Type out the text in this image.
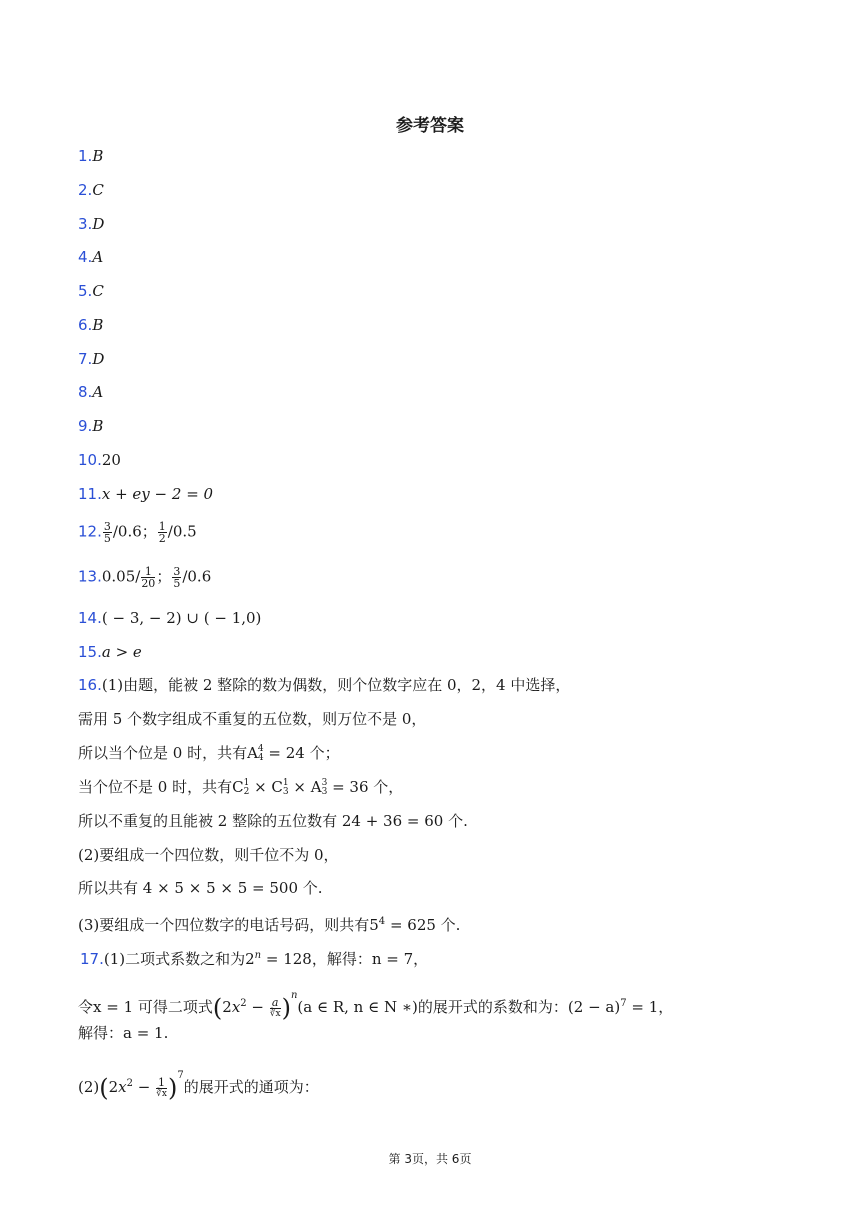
参考答案
1.B
2.C
3.D
4.A
5.C
6.B
7.D
8.A
9.B
10.20
11.x + ey − 2 = 0
12. $\frac{3}{5} /0.6$； $\frac{1}{2} /0.5$
$13.0.05/ \frac{1}{20}$ ； $\frac{3}{5} /0.6$
14.( − 3, − 2) ∪ ( − 1,0)
15.a > e
16.(1)由题，能被 2 整除的数为偶数，则个位数字应在 0，2，4 中选择，
需用 5 个数字组成不重复的五位数，则万位不是 0，
所以当个位是 0 时，共有A 4
4 = 24 个；
当个位不是 0 时，共有C 1
2 × C 1
3 × A 3
3 = 36 个，
所以不重复的且能被 2 整除的五位数有 24 + 36 = 60 个.
(2)要组成一个四位数，则千位不为 0，
所以共有 4 × 5 × 5 × 5 = 500 个.
(3)要组成一个四位数字的电话号码，则共有$5^4 = 625$ 个.
17.(1)二项式系数之和为$2^n = 128$，解得：n = 7，
令x = 1 可得二项式$(2x^2 - \frac{a}{∛x} )^n(a$ ∈ R, n ∈ N ∗)的展开式的系数和为：$(2 - a)^7 = 1$，
解得：a = 1.
$(2)(2x^2 - \frac{1}{∛x} )^7$的展开式的通项为：
第 3页，共 6页
